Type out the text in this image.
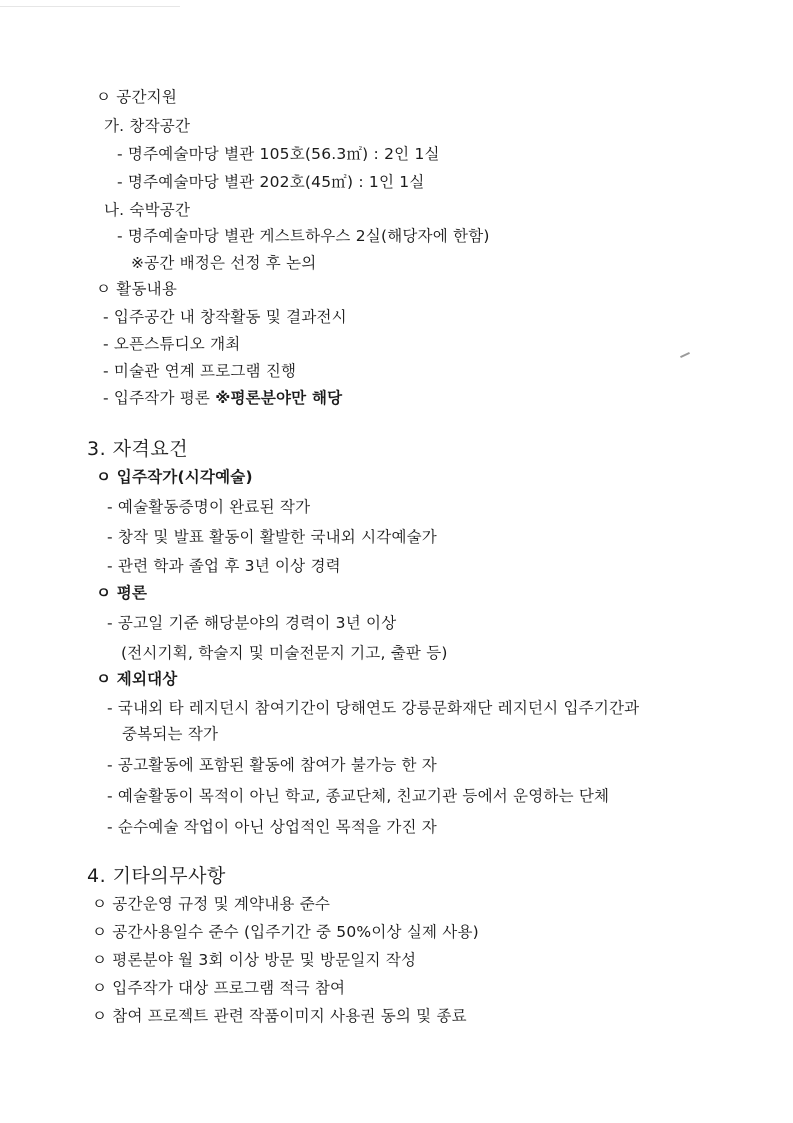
ㅇ 공간지원
가. 창작공간
- 명주예술마당 별관 105호(56.3㎡) : 2인 1실
- 명주예술마당 별관 202호(45㎡) : 1인 1실
나. 숙박공간
- 명주예술마당 별관 게스트하우스 2실(해당자에 한함)
※공간 배정은 선정 후 논의
ㅇ 활동내용
- 입주공간 내 창작활동 및 결과전시
- 오픈스튜디오 개최
- 미술관 연계 프로그램 진행
- 입주작가 평론 ※평론분야만 해당
3. 자격요건
ㅇ 입주작가(시각예술)
- 예술활동증명이 완료된 작가
- 창작 및 발표 활동이 활발한 국내외 시각예술가
- 관련 학과 졸업 후 3년 이상 경력
ㅇ 평론
- 공고일 기준 해당분야의 경력이 3년 이상
(전시기획, 학술지 및 미술전문지 기고, 출판 등)
ㅇ 제외대상
- 국내외 타 레지던시 참여기간이 당해연도 강릉문화재단 레지던시 입주기간과
중복되는 작가
- 공고활동에 포함된 활동에 참여가 불가능 한 자
- 예술활동이 목적이 아닌 학교, 종교단체, 친교기관 등에서 운영하는 단체
- 순수예술 작업이 아닌 상업적인 목적을 가진 자
4. 기타의무사항
ㅇ 공간운영 규정 및 계약내용 준수
ㅇ 공간사용일수 준수 (입주기간 중 50%이상 실제 사용)
ㅇ 평론분야 월 3회 이상 방문 및 방문일지 작성
ㅇ 입주작가 대상 프로그램 적극 참여
ㅇ 참여 프로젝트 관련 작품이미지 사용권 동의 및 종료
